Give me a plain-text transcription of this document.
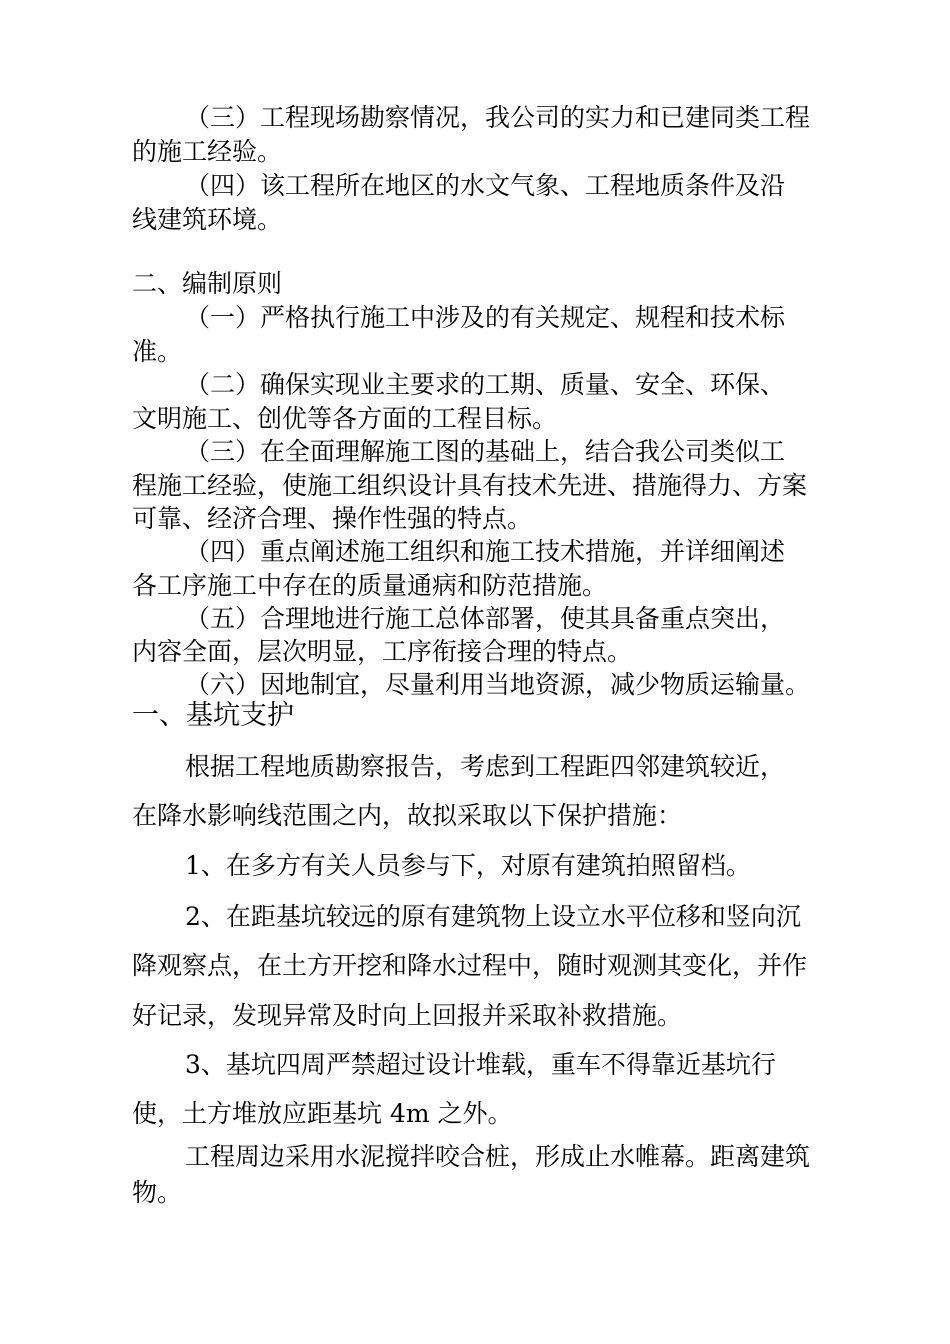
（三）工程现场勘察情况，我公司的实力和已建同类工程
的施工经验。
（四）该工程所在地区的水文气象、工程地质条件及沿
线建筑环境。
二、编制原则
（一）严格执行施工中涉及的有关规定、规程和技术标
准。
（二）确保实现业主要求的工期、质量、安全、环保、
文明施工、创优等各方面的工程目标。
（三）在全面理解施工图的基础上，结合我公司类似工
程施工经验，使施工组织设计具有技术先进、措施得力、方案
可靠、经济合理、操作性强的特点。
（四）重点阐述施工组织和施工技术措施，并详细阐述
各工序施工中存在的质量通病和防范措施。
（五）合理地进行施工总体部署，使其具备重点突出，
内容全面，层次明显，工序衔接合理的特点。
（六）因地制宜，尽量利用当地资源，减少物质运输量。
一、基坑支护
根据工程地质勘察报告，考虑到工程距四邻建筑较近，
在降水影响线范围之内，故拟采取以下保护措施：
1、在多方有关人员参与下，对原有建筑拍照留档。
2、在距基坑较远的原有建筑物上设立水平位移和竖向沉
降观察点，在土方开挖和降水过程中，随时观测其变化，并作
好记录，发现异常及时向上回报并采取补救措施。
3、基坑四周严禁超过设计堆载，重车不得靠近基坑行
使，土方堆放应距基坑 4m 之外。
工程周边采用水泥搅拌咬合桩，形成止水帷幕。距离建筑
物。
